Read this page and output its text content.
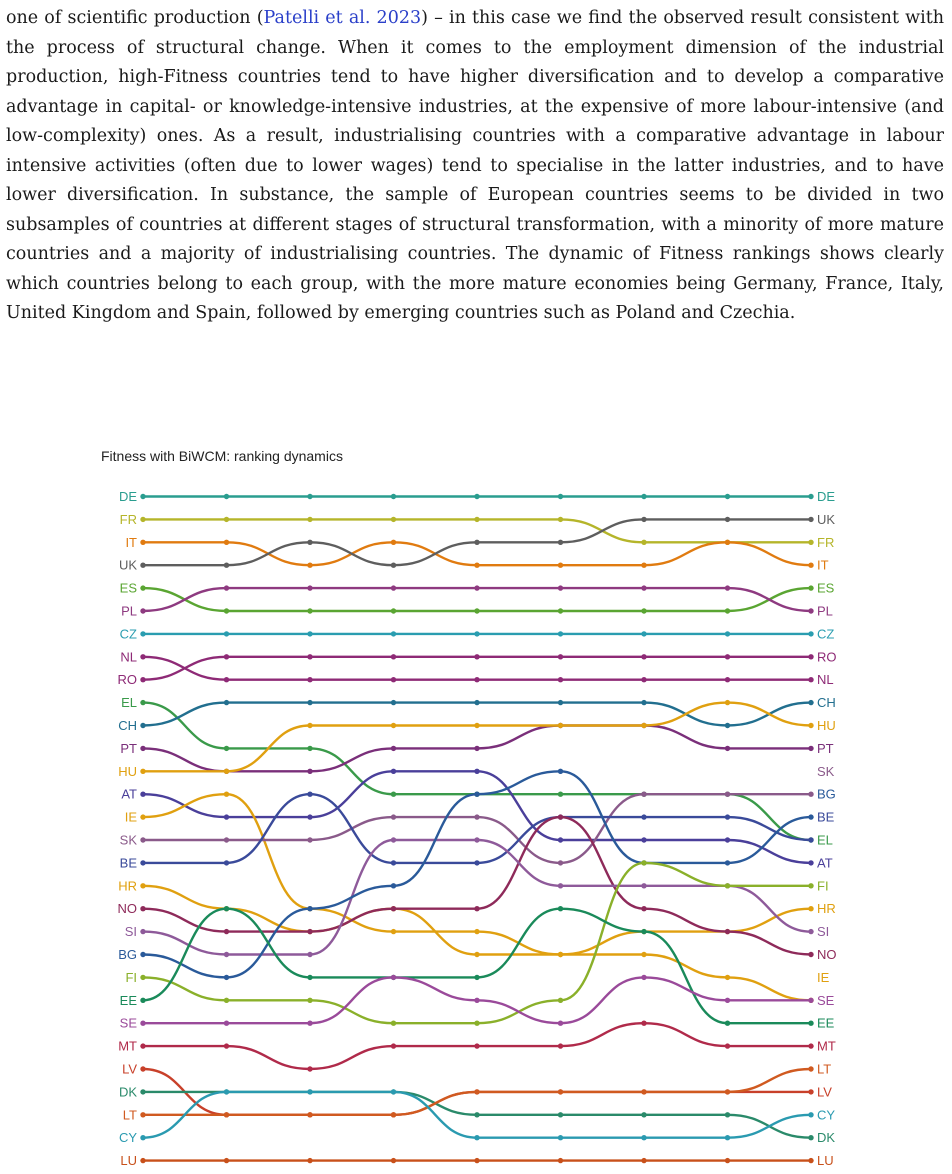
one of scientific production (Patelli et al. 2023) – in this case we find the observed result consistent with the process of structural change. When it comes to the employment dimension of the industrial production, high-Fitness countries tend to have higher diversification and to develop a comparative advantage in capital- or knowledge-intensive industries, at the expensive of more labour-intensive (and low-complexity) ones. As a result, industrialising countries with a comparative advantage in labour intensive activities (often due to lower wages) tend to specialise in the latter industries, and to have lower diversification. In substance, the sample of European countries seems to be divided in two subsamples of countries at different stages of structural transformation, with a minority of more mature countries and a majority of industrialising countries. The dynamic of Fitness rankings shows clearly which countries belong to each group, with the more mature economies being Germany, France, Italy, United Kingdom and Spain, followed by emerging countries such as Poland and Czechia.

Fitness with BiWCM: ranking dynamics
DE
FR
IT
UK
ES
PL
CZ
NL
RO
EL
CH
PT
HU
AT
IE
SK
BE
HR
NO
SI
BG
FI
EE
SE
MT
LV
DK
LT
CY
LU
DE
UK
FR
IT
ES
PL
CZ
RO
NL
CH
HU
PT
SK
BG
BE
EL
AT
FI
HR
SI
NO
IE
SE
EE
MT
LT
LV
CY
DK
LU
